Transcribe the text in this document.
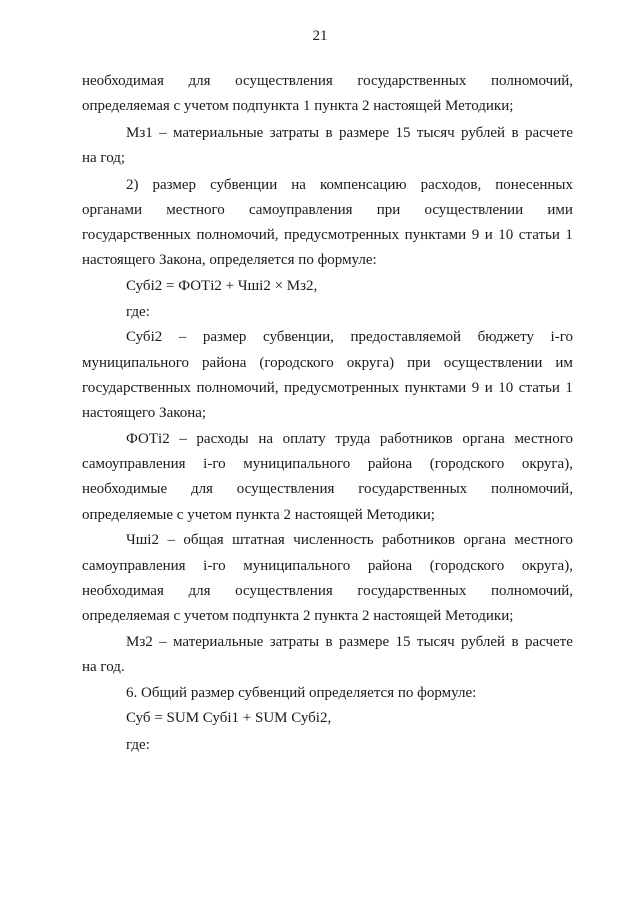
21
необходимая для осуществления государственных полномочий,
определяемая с учетом подпункта 1 пункта 2 настоящей Методики;
Мз1 – материальные затраты в размере 15 тысяч рублей в расчете
на год;
2) размер субвенции на компенсацию расходов, понесенных
органами местного самоуправления при осуществлении ими
государственных полномочий, предусмотренных пунктами 9 и 10 статьи 1
настоящего Закона, определяется по формуле:
Субi2 = ФОТi2 + Чшi2 × Мз2,
где:
Субi2 – размер субвенции, предоставляемой бюджету i-го
муниципального района (городского округа) при осуществлении им
государственных полномочий, предусмотренных пунктами 9 и 10 статьи 1
настоящего Закона;
ФОТi2 – расходы на оплату труда работников органа местного
самоуправления i-го муниципального района (городского округа),
необходимые для осуществления государственных полномочий,
определяемые с учетом пункта 2 настоящей Методики;
Чшi2 – общая штатная численность работников органа местного
самоуправления i-го муниципального района (городского округа),
необходимая для осуществления государственных полномочий,
определяемая с учетом подпункта 2 пункта 2 настоящей Методики;
Мз2 – материальные затраты в размере 15 тысяч рублей в расчете
на год.
6. Общий размер субвенций определяется по формуле:
Суб = SUM Субi1 + SUM Субi2,
где:
